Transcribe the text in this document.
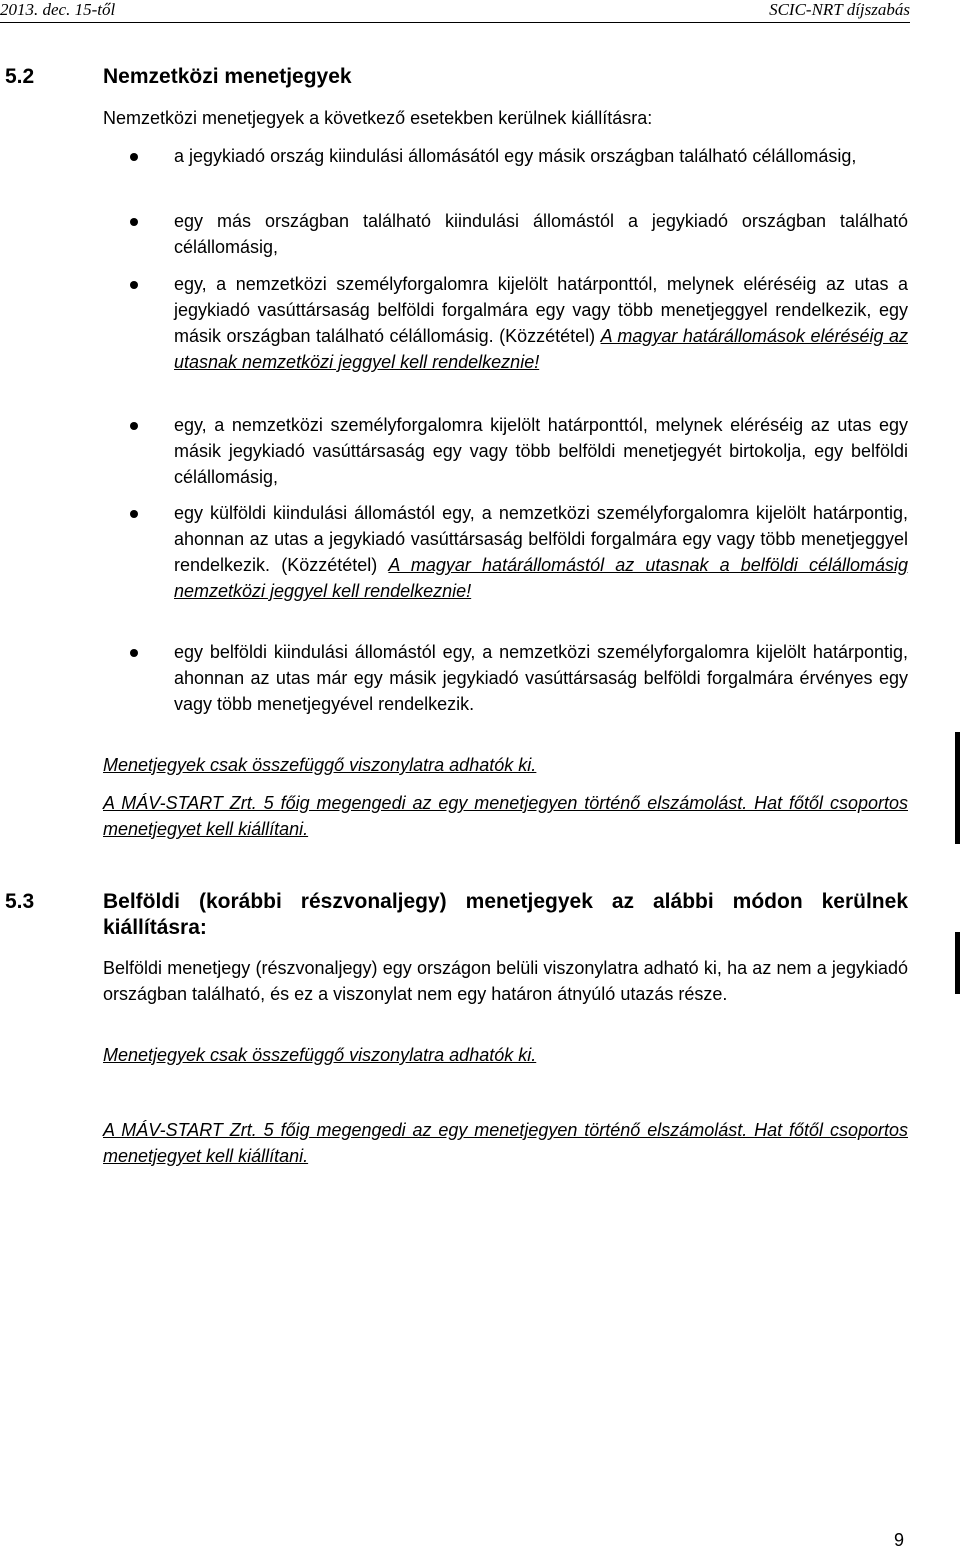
2013. dec. 15-től	SCIC-NRT díjszabás
5.2	Nemzetközi menetjegyek
Nemzetközi menetjegyek a következő esetekben kerülnek kiállításra:
a jegykiadó ország kiindulási állomásától egy másik országban található célállomásig,
egy más országban található kiindulási állomástól a jegykiadó országban található célállomásig,
egy, a nemzetközi személyforgalomra kijelölt határponttól, melynek eléréséig az utas a jegykiadó vasúttársaság belföldi forgalmára egy vagy több menetjeggyel rendelkezik, egy másik országban található célállomásig. (Közzététel) A magyar határállomások eléréséig az utasnak nemzetközi jeggyel kell rendelkeznie!
egy, a nemzetközi személyforgalomra kijelölt határponttól, melynek eléréséig az utas egy másik jegykiadó vasúttársaság egy vagy több belföldi menetjegyét birtokolja, egy belföldi célállomásig,
egy külföldi kiindulási állomástól egy, a nemzetközi személyforgalomra kijelölt határpontig, ahonnan az utas a jegykiadó vasúttársaság belföldi forgalmára egy vagy több menetjeggyel rendelkezik. (Közzététel) A magyar határállomástól az utasnak a belföldi célállomásig nemzetközi jeggyel kell rendelkeznie!
egy belföldi kiindulási állomástól egy, a nemzetközi személyforgalomra kijelölt határpontig, ahonnan az utas már egy másik jegykiadó vasúttársaság belföldi forgalmára érvényes egy vagy több menetjegyével rendelkezik.
Menetjegyek csak összefüggő viszonylatra adhatók ki.
A MÁV-START Zrt. 5 főig megengedi az egy menetjegyen történő elszámolást. Hat főtől csoportos menetjegyet kell kiállítani.
5.3	Belföldi (korábbi részvonaljegy) menetjegyek az alábbi módon kerülnek kiállításra:
Belföldi menetjegy (részvonaljegy) egy országon belüli viszonylatra adható ki, ha az nem a jegykiadó országban található, és ez a viszonylat nem egy határon átnyúló utazás része.
Menetjegyek csak összefüggő viszonylatra adhatók ki.
A MÁV-START Zrt. 5 főig megengedi az egy menetjegyen történő elszámolást. Hat főtől csoportos menetjegyet kell kiállítani.
9
